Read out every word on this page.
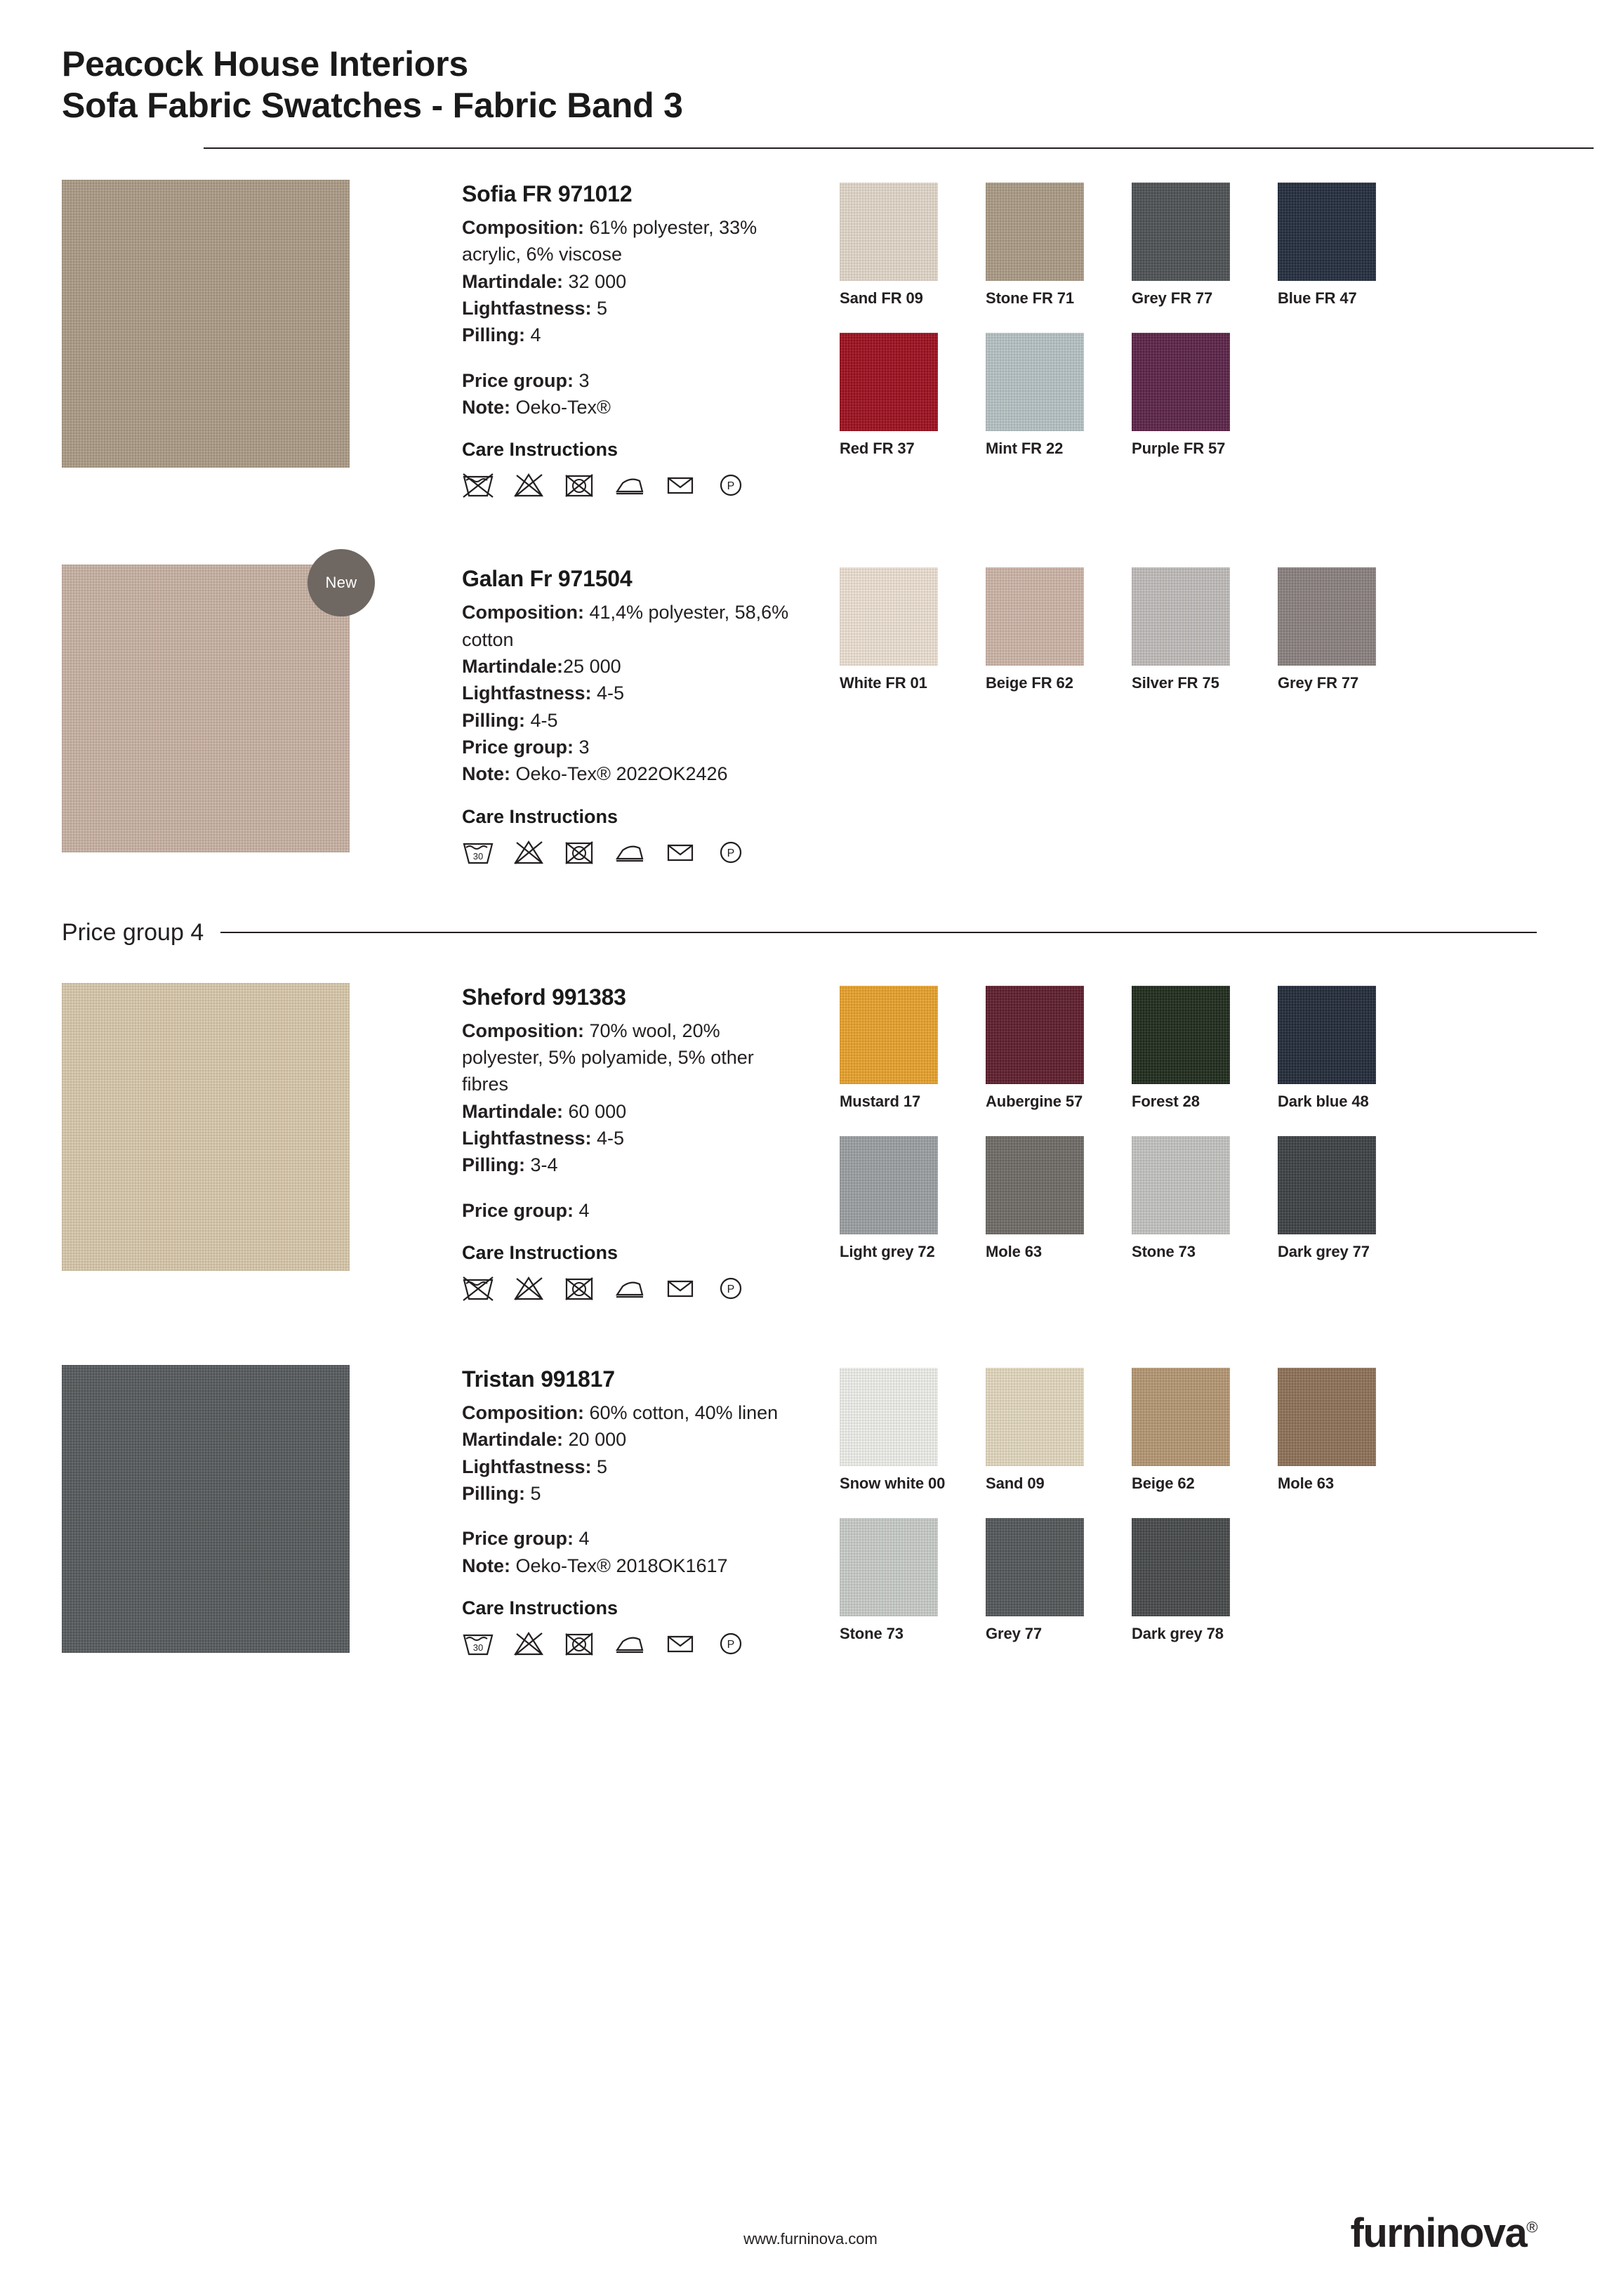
Peacock House Interiors
Sofa Fabric Swatches - Fabric Band 3
Sofia FR 971012

Composition: 61% polyester, 33% acrylic, 6% viscose

Martindale: 32 000

Lightfastness: 5

Pilling: 4

Price group: 3

Note: Oeko-Tex®

Care Instructions
P
Sand FR 09	Stone FR 71	Grey FR 77	Blue FR 47
Red FR 37	Mint FR 22	Purple FR 57
New	Galan Fr 971504

Composition: 41,4% polyester, 58,6% cotton

Martindale:25 000

Lightfastness: 4-5

Pilling: 4-5

Price group: 3

Note: Oeko-Tex® 2022OK2426

Care Instructions
30	P
White FR 01	Beige FR 62	Silver FR 75	Grey FR 77
Price group 4
Sheford 991383

Composition: 70% wool, 20% polyester, 5% polyamide, 5% other fibres

Martindale: 60 000

Lightfastness: 4-5

Pilling: 3-4

Price group: 4

Care Instructions
P
Mustard 17	Aubergine 57	Forest 28	Dark blue 48
Light grey 72	Mole 63	Stone 73	Dark grey 77
Tristan 991817

Composition: 60% cotton, 40% linen

Martindale: 20 000

Lightfastness: 5

Pilling: 5

Price group: 4

Note: Oeko-Tex® 2018OK1617

Care Instructions
30	P
Snow white 00	Sand 09	Beige 62	Mole 63
Stone 73	Grey 77	Dark grey 78
www.furninova.com	furninova®
